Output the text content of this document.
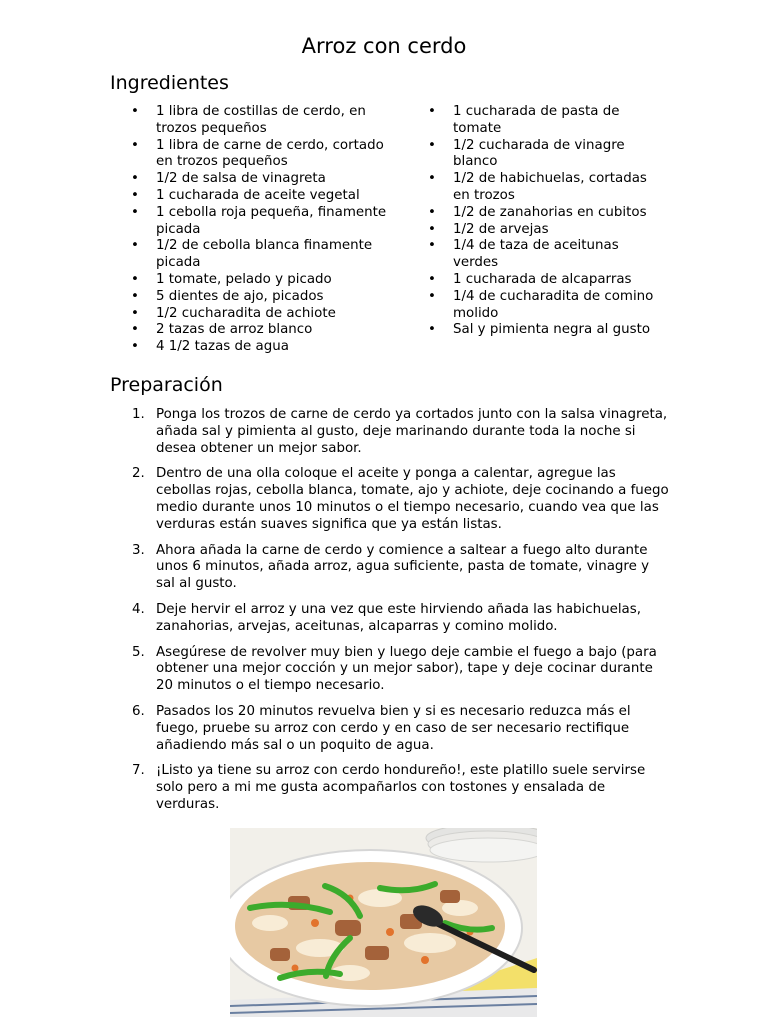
Arroz con cerdo
Ingredientes
• 1 libra de costillas de cerdo, en trozos pequeños
• 1 libra de carne de cerdo, cortado en trozos pequeños
• 1/2 de salsa de vinagreta
• 1 cucharada de aceite vegetal
• 1 cebolla roja pequeña, finamente picada
• 1/2 de cebolla blanca finamente picada
• 1 tomate, pelado y picado
• 5 dientes de ajo, picados
• 1/2 cucharadita de achiote
• 2 tazas de arroz blanco
• 4 1/2 tazas de agua
• 1 cucharada de pasta de tomate
• 1/2 cucharada de vinagre blanco
• 1/2 de habichuelas, cortadas en trozos
• 1/2 de zanahorias en cubitos
• 1/2 de arvejas
• 1/4 de taza de aceitunas verdes
• 1 cucharada de alcaparras
• 1/4 de cucharadita de comino molido
• Sal y pimienta negra al gusto
Preparación
1. Ponga los trozos de carne de cerdo ya cortados junto con la salsa vinagreta, añada sal y pimienta al gusto, deje marinando durante toda la noche si desea obtener un mejor sabor.
2. Dentro de una olla coloque el aceite y ponga a calentar, agregue las cebollas rojas, cebolla blanca, tomate, ajo y achiote, deje cocinando a fuego medio durante unos 10 minutos o el tiempo necesario, cuando vea que las verduras están suaves significa que ya están listas.
3. Ahora añada la carne de cerdo y comience a saltear a fuego alto durante unos 6 minutos, añada arroz, agua suficiente, pasta de tomate, vinagre y sal al gusto.
4. Deje hervir el arroz y una vez que este hirviendo añada las habichuelas, zanahorias, arvejas, aceitunas, alcaparras y comino molido.
5. Asegúrese de revolver muy bien y luego deje cambie el fuego a bajo (para obtener una mejor cocción y un mejor sabor), tape y deje cocinar durante 20 minutos o el tiempo necesario.
6. Pasados los 20 minutos revuelva bien y si es necesario reduzca más el fuego, pruebe su arroz con cerdo y en caso de ser necesario rectifique añadiendo más sal o un poquito de agua.
7. ¡Listo ya tiene su arroz con cerdo hondureño!, este platillo suele servirse solo pero a mi me gusta acompañarlos con tostones y ensalada de verduras.
